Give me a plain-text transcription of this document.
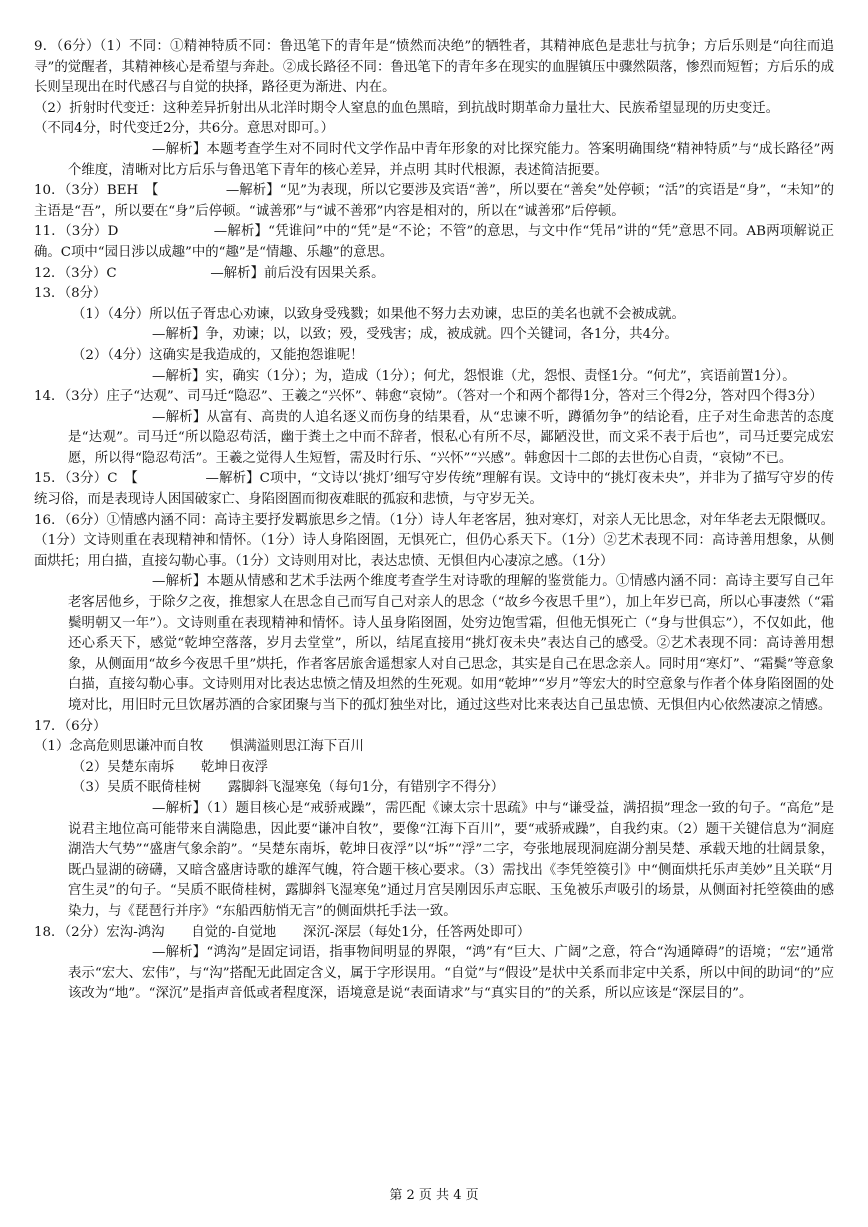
9．（6分）（1）不同：①精神特质不同：鲁迅笔下的青年是“愤然而决绝”的牺牲者，其精神底色是悲壮与抗争；方后乐则是“向往而追寻”的觉醒者，其精神核心是希望与奔赴。②成长路径不同：鲁迅笔下的青年多在现实的血腥镇压中骤然陨落，惨烈而短暂；方后乐的成长则呈现出在时代感召与自觉的抉择，路径更为渐进、内在。

（2）折射时代变迁：这种差异折射出从北洋时期令人窒息的血色黑暗，到抗战时期革命力量壮大、民族希望显现的历史变迁。

（不同4分，时代变迁2分，共6分。意思对即可。）

—解析】本题考查学生对不同时代文学作品中青年形象的对比探究能力。答案明确围绕“精神特质”与“成长路径”两个维度，清晰对比方后乐与鲁迅笔下青年的核心差异，并点明 其时代根源，表述简洁扼要。

10．（3分）BEH　【　　　　　—解析】“见”为表现，所以它要涉及宾语“善”，所以要在“善矣”处停顿；“活”的宾语是“身”，“未知”的主语是“吾”，所以要在“身”后停顿。“诚善邪”与“诚不善邪”内容是相对的，所以在“诚善邪”后停顿。

11．（3分）D　　　　　　　—解析】“凭谁问”中的“凭”是“不论；不管”的意思，与文中作“凭吊”讲的“凭”意思不同。AB两项解说正确。C项中“园日涉以成趣”中的“趣”是“情趣、乐趣”的意思。

12．（3分）C　　　　　　　—解析】前后没有因果关系。

13．（8分）

（1）（4分）所以伍子胥忠心劝谏，以致身受残戮；如果他不努力去劝谏，忠臣的美名也就不会被成就。

—解析】争，劝谏；以，以致；殁，受残害；成，被成就。四个关键词，各1分，共4分。

（2）（4分）这确实是我造成的，又能抱怨谁呢！

—解析】实，确实（1分）；为，造成（1分）；何尤，怨恨谁（尤，怨恨、责怪1分。“何尤”，宾语前置1分）。

14．（3分）庄子“达观”、司马迁“隐忍”、王羲之“兴怀”、韩愈“哀恸”。（答对一个和两个都得1分，答对三个得2分，答对四个得3分）

—解析】从富有、高贵的人追名逐义而伤身的结果看，从“忠谏不听，蹲循勿争”的结论看，庄子对生命悲苦的态度是“达观”。司马迁“所以隐忍苟活，幽于粪土之中而不辞者，恨私心有所不尽，鄙陋没世，而文采不表于后也”，司马迁要完成宏愿，所以得“隐忍苟活”。王羲之觉得人生短暂，需及时行乐、“兴怀”“兴感”。韩愈因十二郎的去世伤心自责，“哀恸”不已。

15．（3分）C　【　　　　　—解析】C项中，“文诗以‘挑灯’细写守岁传统”理解有误。文诗中的“挑灯夜未央”，并非为了描写守岁的传统习俗，而是表现诗人困国破家亡、身陷囹圄而彻夜难眠的孤寂和悲愤，与守岁无关。

16．（6分）①情感内涵不同：高诗主要抒发羁旅思乡之情。（1分）诗人年老客居，独对寒灯，对亲人无比思念，对年华老去无限慨叹。（1分）文诗则重在表现精神和情怀。（1分）诗人身陷囹圄，无惧死亡，但仍心系天下。（1分）②艺术表现不同：高诗善用想象，从侧面烘托；用白描，直接勾勒心事。（1分）文诗则用对比，表达忠愤、无惧但内心凄凉之感。（1分）

—解析】本题从情感和艺术手法两个维度考查学生对诗歌的理解的鉴赏能力。①情感内涵不同：高诗主要写自己年老客居他乡，于除夕之夜，推想家人在思念自己而写自己对亲人的思念（“故乡今夜思千里”），加上年岁已高，所以心事凄然（“霜鬓明朝又一年”）。文诗则重在表现精神和情怀。诗人虽身陷囹圄，处穷边饱雪霜，但他无惧死亡（“身与世俱忘”），不仅如此，他还心系天下，感觉“乾坤空落落，岁月去堂堂”，所以，结尾直接用“挑灯夜未央”表达自己的感受。②艺术表现不同：高诗善用想象，从侧面用“故乡今夜思千里”烘托，作者客居旅舍遥想家人对自己思念，其实是自己在思念亲人。同时用“寒灯”、“霜鬓”等意象白描，直接勾勒心事。文诗则用对比表达忠愤之情及坦然的生死观。如用“乾坤”“岁月”等宏大的时空意象与作者个体身陷囹圄的处境对比，用旧时元旦饮屠苏酒的合家团聚与当下的孤灯独坐对比，通过这些对比来表达自己虽忠愤、无惧但内心依然凄凉之情感。

17．（6分）

（1）念高危则思谦冲而自牧　　惧满溢则思江海下百川

（2）吴楚东南坼　　乾坤日夜浮

（3）吴质不眠倚桂树　　露脚斜飞湿寒兔（每句1分，有错别字不得分）

—解析】（1）题目核心是“戒骄戒躁”，需匹配《谏太宗十思疏》中与“谦受益，满招损”理念一致的句子。“高危”是说君主地位高可能带来自满隐患，因此要“谦冲自牧”，要像“江海下百川”，要“戒骄戒躁”，自我约束。（2）题干关键信息为“洞庭湖浩大气势”“盛唐气象余韵”。“吴楚东南坼，乾坤日夜浮”以“坼”“浮”二字，夸张地展现洞庭湖分割吴楚、承载天地的壮阔景象，既凸显湖的磅礴，又暗含盛唐诗歌的雄浑气魄，符合题干核心要求。（3）需找出《李凭箜篌引》中“侧面烘托乐声美妙”且关联“月宫生灵”的句子。“吴质不眠倚桂树，露脚斜飞湿寒兔”通过月宫吴刚因乐声忘眠、玉兔被乐声吸引的场景，从侧面衬托箜篌曲的感染力，与《琵琶行并序》“东船西舫悄无言”的侧面烘托手法一致。

18．（2分）宏沟-鸿沟　　自觉的-自觉地　　深沉-深层（每处1分，任答两处即可）

—解析】“鸿沟”是固定词语，指事物间明显的界限，“鸿”有“巨大、广阔”之意，符合“沟通障碍”的语境；“宏”通常表示“宏大、宏伟”，与“沟”搭配无此固定含义，属于字形误用。“自觉”与“假设”是状中关系而非定中关系，所以中间的助词“的”应该改为“地”。“深沉”是指声音低或者程度深，语境意是说“表面请求”与“真实目的”的关系，所以应该是“深层目的”。

第 2 页 共 4 页
